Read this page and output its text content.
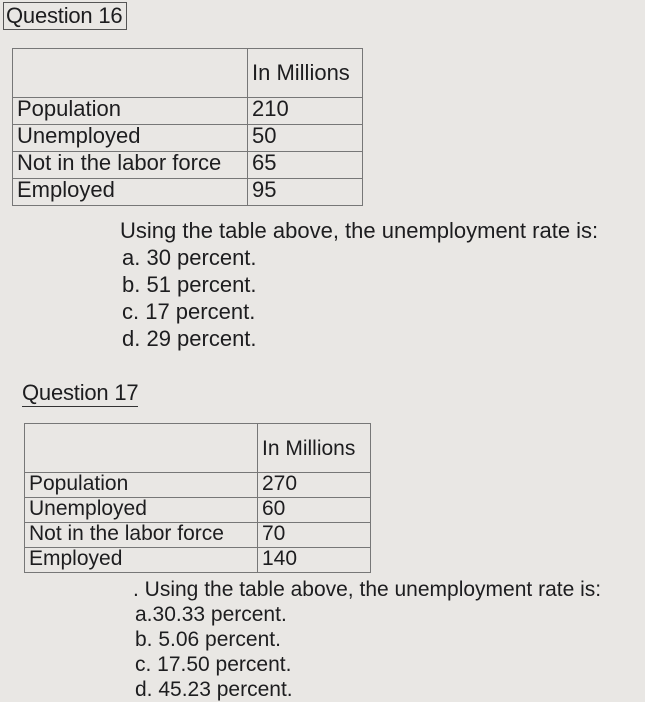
Question 16
	In Millions
Population	210
Unemployed	50
Not in the labor force	65
Employed	95
Using the table above, the unemployment rate is:
a. 30 percent.
b. 51 percent.
c. 17 percent.
d. 29 percent.
Question 17
	In Millions
Population	270
Unemployed	60
Not in the labor force	70
Employed	140
. Using the table above, the unemployment rate is:
a.30.33 percent.
b. 5.06 percent.
c. 17.50 percent.
d. 45.23 percent.
